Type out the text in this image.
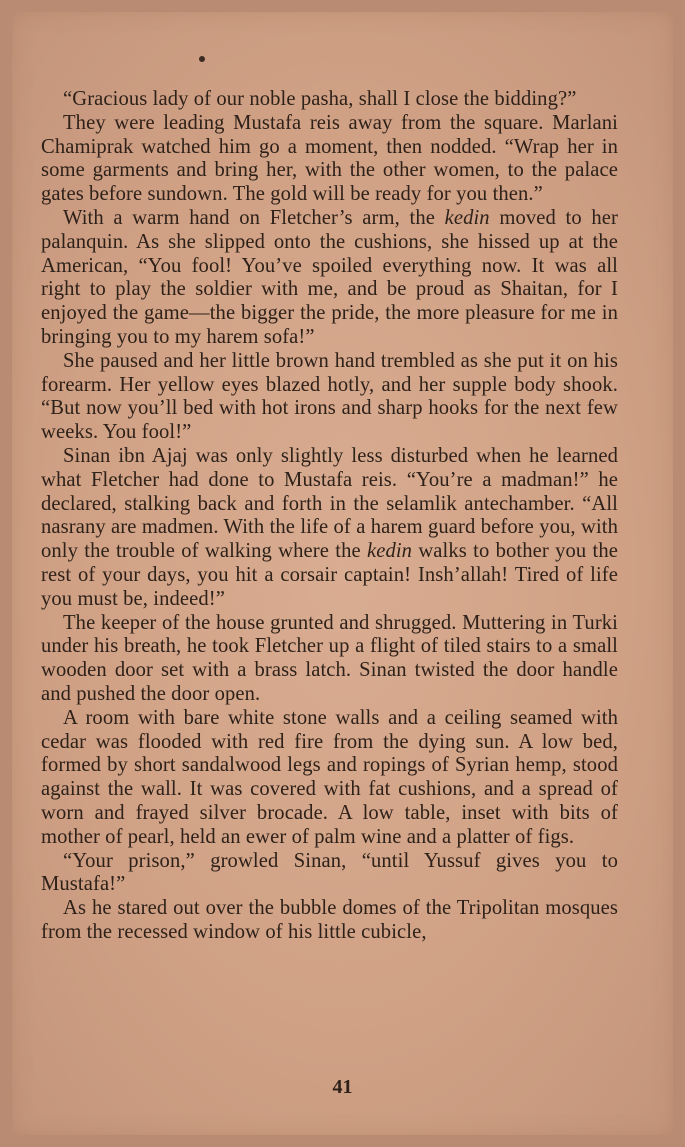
“Gracious lady of our noble pasha, shall I close the bidding?”

They were leading Mustafa reis away from the square. Marlani Chamiprak watched him go a moment, then nodded. “Wrap her in some garments and bring her, with the other women, to the palace gates before sundown. The gold will be ready for you then.”

With a warm hand on Fletcher’s arm, the kedin moved to her palanquin. As she slipped onto the cushions, she hissed up at the American, “You fool! You’ve spoiled everything now. It was all right to play the soldier with me, and be proud as Shaitan, for I enjoyed the game—the bigger the pride, the more pleasure for me in bringing you to my harem sofa!”

She paused and her little brown hand trembled as she put it on his forearm. Her yellow eyes blazed hotly, and her supple body shook. “But now you’ll bed with hot irons and sharp hooks for the next few weeks. You fool!”

Sinan ibn Ajaj was only slightly less disturbed when he learned what Fletcher had done to Mustafa reis. “You’re a madman!” he declared, stalking back and forth in the selamlik antechamber. “All nasrany are madmen. With the life of a harem guard before you, with only the trouble of walking where the kedin walks to bother you the rest of your days, you hit a corsair captain! Insh’allah! Tired of life you must be, indeed!”

The keeper of the house grunted and shrugged. Muttering in Turki under his breath, he took Fletcher up a flight of tiled stairs to a small wooden door set with a brass latch. Sinan twisted the door handle and pushed the door open.

A room with bare white stone walls and a ceiling seamed with cedar was flooded with red fire from the dying sun. A low bed, formed by short sandalwood legs and ropings of Syrian hemp, stood against the wall. It was covered with fat cushions, and a spread of worn and frayed silver brocade. A low table, inset with bits of mother of pearl, held an ewer of palm wine and a platter of figs.

“Your prison,” growled Sinan, “until Yussuf gives you to Mustafa!”

As he stared out over the bubble domes of the Tripolitan mosques from the recessed window of his little cubicle,

41
